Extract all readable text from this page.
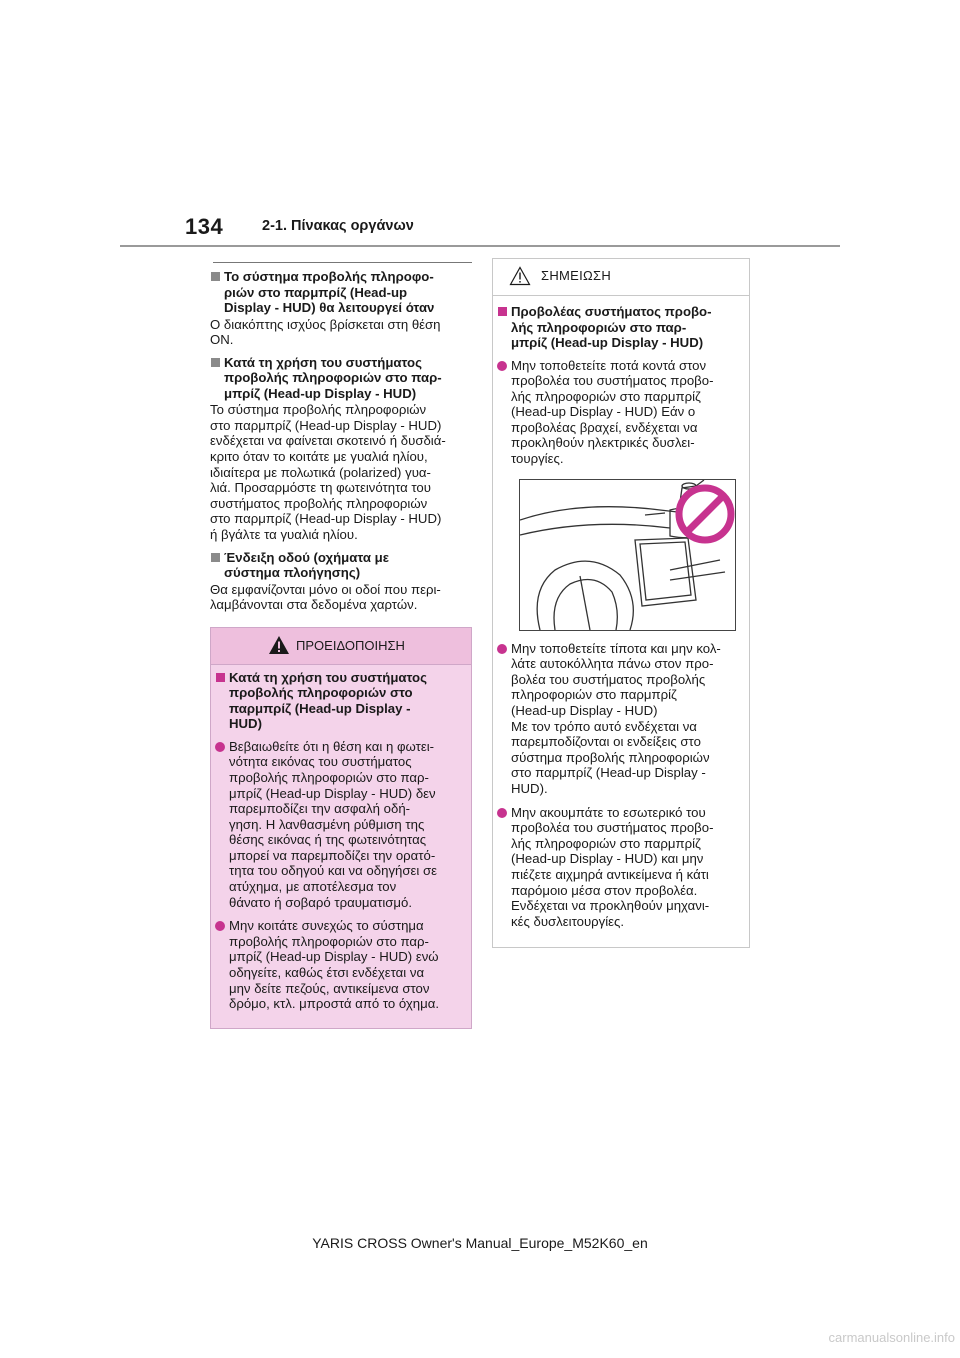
134	2-1. Πίνακας οργάνων
Το σύστημα προβολής πληροφο-
ριών στο παρμπρίζ (Head-up
Display - HUD) θα λειτουργεί όταν
Ο διακόπτης ισχύος βρίσκεται στη θέση
ON.
Κατά τη χρήση του συστήματος
προβολής πληροφοριών στο παρ-
μπρίζ (Head-up Display - HUD)
Το σύστημα προβολής πληροφοριών
στο παρμπρίζ (Head-up Display - HUD)
ενδέχεται να φαίνεται σκοτεινό ή δυσδιά-
κριτο όταν το κοιτάτε με γυαλιά ηλίου,
ιδιαίτερα με πολωτικά (polarized) γυα-
λιά. Προσαρμόστε τη φωτεινότητα του
συστήματος προβολής πληροφοριών
στο παρμπρίζ (Head-up Display - HUD)
ή βγάλτε τα γυαλιά ηλίου.
Ένδειξη οδού (οχήματα με
σύστημα πλοήγησης)
Θα εμφανίζονται μόνο οι οδοί που περι-
λαμβάνονται στα δεδομένα χαρτών.
ΠΡΟΕΙΔΟΠΟΙΗΣΗ
Κατά τη χρήση του συστήματος
προβολής πληροφοριών στο
παρμπρίζ (Head-up Display -
HUD)
Βεβαιωθείτε ότι η θέση και η φωτει-
νότητα εικόνας του συστήματος
προβολής πληροφοριών στο παρ-
μπρίζ (Head-up Display - HUD) δεν
παρεμποδίζει την ασφαλή οδή-
γηση. Η λανθασμένη ρύθμιση της
θέσης εικόνας ή της φωτεινότητας
μπορεί να παρεμποδίζει την ορατό-
τητα του οδηγού και να οδηγήσει σε
ατύχημα, με αποτέλεσμα τον
θάνατο ή σοβαρό τραυματισμό.
Μην κοιτάτε συνεχώς το σύστημα
προβολής πληροφοριών στο παρ-
μπρίζ (Head-up Display - HUD) ενώ
οδηγείτε, καθώς έτσι ενδέχεται να
μην δείτε πεζούς, αντικείμενα στον
δρόμο, κτλ. μπροστά από το όχημα.
ΣΗΜΕΙΩΣΗ
Προβολέας συστήματος προβο-
λής πληροφοριών στο παρ-
μπρίζ (Head-up Display - HUD)
Μην τοποθετείτε ποτά κοντά στον
προβολέα του συστήματος προβο-
λής πληροφοριών στο παρμπρίζ
(Head-up Display - HUD) Εάν ο
προβολέας βραχεί, ενδέχεται να
προκληθούν ηλεκτρικές δυσλει-
τουργίες.
Μην τοποθετείτε τίποτα και μην κολ-
λάτε αυτοκόλλητα πάνω στον προ-
βολέα του συστήματος προβολής
πληροφοριών στο παρμπρίζ
(Head-up Display - HUD)
Με τον τρόπο αυτό ενδέχεται να
παρεμποδίζονται οι ενδείξεις στο
σύστημα προβολής πληροφοριών
στο παρμπρίζ (Head-up Display -
HUD).
Μην ακουμπάτε το εσωτερικό του
προβολέα του συστήματος προβο-
λής πληροφοριών στο παρμπρίζ
(Head-up Display - HUD) και μην
πιέζετε αιχμηρά αντικείμενα ή κάτι
παρόμοιο μέσα στον προβολέα.
Ενδέχεται να προκληθούν μηχανι-
κές δυσλειτουργίες.
YARIS CROSS Owner's Manual_Europe_M52K60_en
carmanualsonline.info
